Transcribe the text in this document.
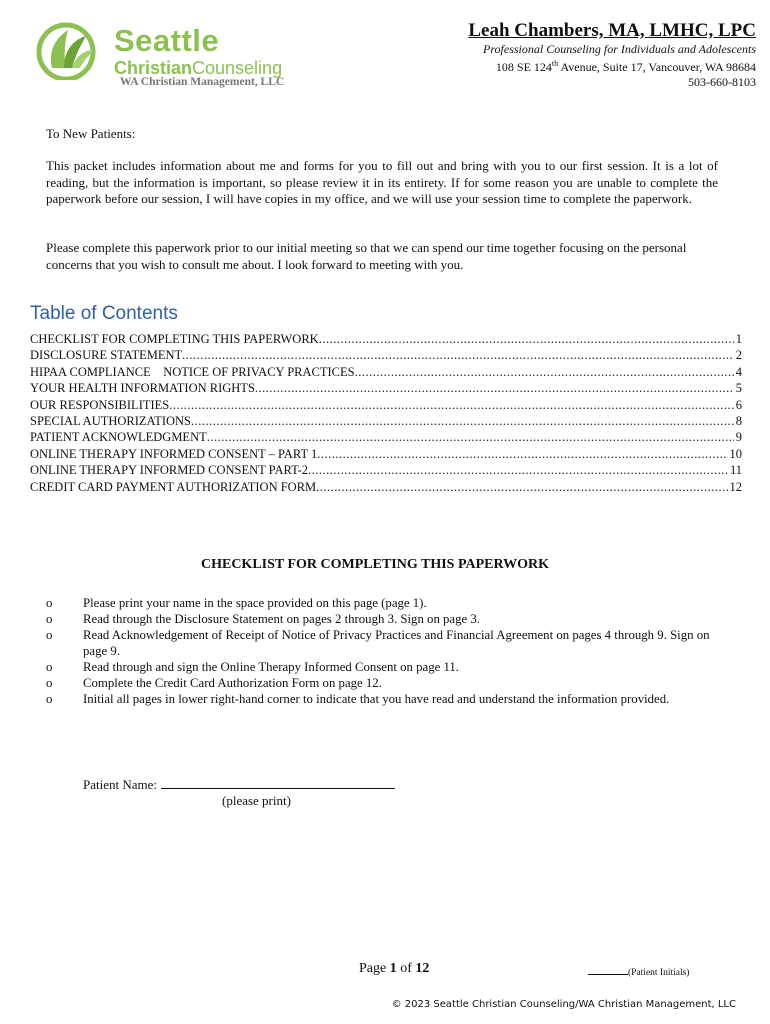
Seattle
ChristianCounseling
WA Christian Management, LLC
Leah Chambers, MA, LMHC, LPC
Professional Counseling for Individuals and Adolescents
108 SE 124th Avenue, Suite 17, Vancouver, WA 98684
503-660-8103
To New Patients:
This packet includes information about me and forms for you to fill out and bring with you to our first session. It is a lot of reading, but the information is important, so please review it in its entirety. If for some reason you are unable to complete the paperwork before our session, I will have copies in my office, and we will use your session time to complete the paperwork.
Please complete this paperwork prior to our initial meeting so that we can spend our time together focusing on the personal concerns that you wish to consult me about. I look forward to meeting with you.
Table of Contents
CHECKLIST FOR COMPLETING THIS PAPERWORK .....	1
DISCLOSURE STATEMENT .....	2
HIPAA COMPLIANCE    NOTICE OF PRIVACY PRACTICES .....	4
YOUR HEALTH INFORMATION RIGHTS .....	5
OUR RESPONSIBILITIES .....	6
SPECIAL AUTHORIZATIONS .....	8
PATIENT ACKNOWLEDGMENT .....	9
ONLINE THERAPY INFORMED CONSENT – PART 1 .....	10
ONLINE THERAPY INFORMED CONSENT PART-2 .....	11
CREDIT CARD PAYMENT AUTHORIZATION FORM .....	12
CHECKLIST FOR COMPLETING THIS PAPERWORK
o	Please print your name in the space provided on this page (page 1).
o	Read through the Disclosure Statement on pages 2 through 3. Sign on page 3.
o	Read Acknowledgement of Receipt of Notice of Privacy Practices and Financial Agreement on pages 4 through 9. Sign on page 9.
o	Read through and sign the Online Therapy Informed Consent on page 11.
o	Complete the Credit Card Authorization Form on page 12.
o	Initial all pages in lower right-hand corner to indicate that you have read and understand the information provided.
Patient Name:
(please print)
Page 1 of 12	(Patient Initials)
© 2023 Seattle Christian Counseling/WA Christian Management, LLC
